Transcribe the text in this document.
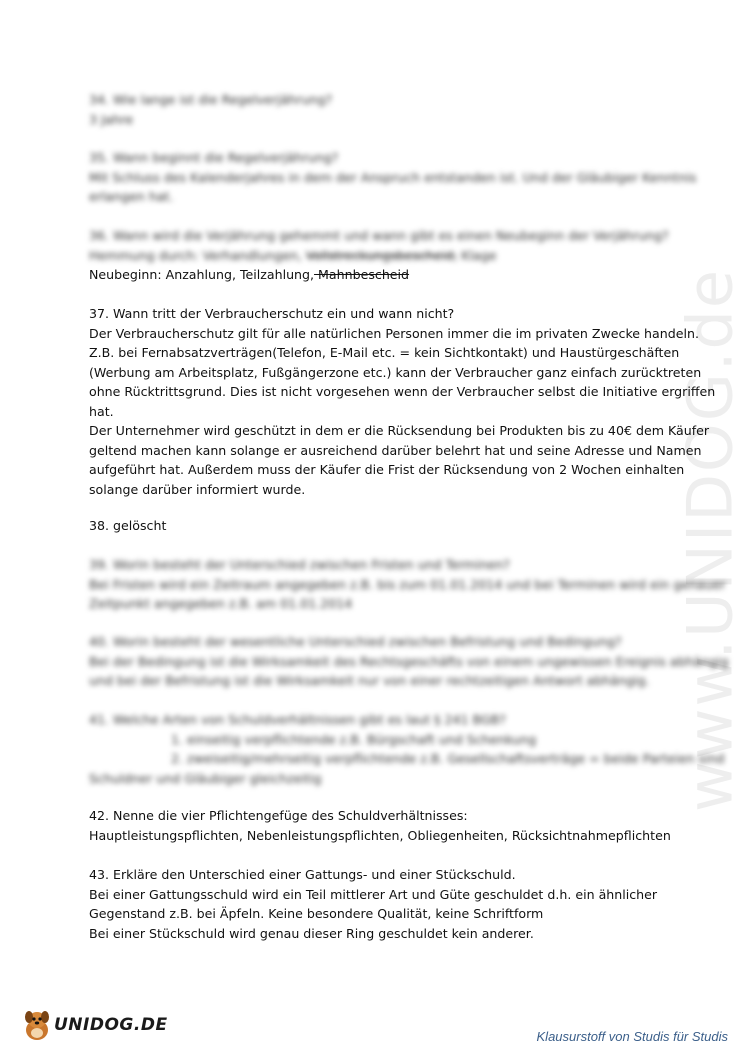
www.UNIDOG.de
34. Wie lange ist die Regelverjährung?
3 Jahre
35. Wann beginnt die Regelverjährung?
Mit Schluss des Kalenderjahres in dem der Anspruch entstanden ist. Und der Gläubiger Kenntnis
erlangen hat.
36. Wann wird die Verjährung gehemmt und wann gibt es einen Neubeginn der Verjährung?
Hemmung durch: Verhandlungen, Vollstreckungsbescheid, Klage
Neubeginn: Anzahlung, Teilzahlung, Mahnbescheid
37. Wann tritt der Verbraucherschutz ein und wann nicht?
Der Verbraucherschutz gilt für alle natürlichen Personen immer die im privaten Zwecke handeln.
Z.B. bei Fernabsatzverträgen(Telefon, E-Mail etc. = kein Sichtkontakt) und Haustürgeschäften
(Werbung am Arbeitsplatz, Fußgängerzone etc.) kann der Verbraucher ganz einfach zurücktreten
ohne Rücktrittsgrund. Dies ist nicht vorgesehen wenn der Verbraucher selbst die Initiative ergriffen
hat.
Der Unternehmer wird geschützt in dem er die Rücksendung bei Produkten bis zu 40€ dem Käufer
geltend machen kann solange er ausreichend darüber belehrt hat und seine Adresse und Namen
aufgeführt hat. Außerdem muss der Käufer die Frist der Rücksendung von 2 Wochen einhalten
solange darüber informiert wurde.
38. gelöscht
39. Worin besteht der Unterschied zwischen Fristen und Terminen?
Bei Fristen wird ein Zeitraum angegeben z.B. bis zum 01.01.2014 und bei Terminen wird ein genauer
Zeitpunkt angegeben z.B. am 01.01.2014
40. Worin besteht der wesentliche Unterschied zwischen Befristung und Bedingung?
Bei der Bedingung ist die Wirksamkeit des Rechtsgeschäfts von einem ungewissen Ereignis abhängig
und bei der Befristung ist die Wirksamkeit nur von einer rechtzeitigen Antwort abhängig.
41. Welche Arten von Schuldverhältnissen gibt es laut § 241 BGB?
1. einseitig verpflichtende z.B. Bürgschaft und Schenkung
2. zweiseitig/mehrseitig verpflichtende z.B. Gesellschaftsverträge = beide Parteien sind
Schuldner und Gläubiger gleichzeitig
42. Nenne die vier Pflichtengefüge des Schuldverhältnisses:
Hauptleistungspflichten, Nebenleistungspflichten, Obliegenheiten, Rücksichtnahmepflichten
43. Erkläre den Unterschied einer Gattungs- und einer Stückschuld.
Bei einer Gattungsschuld wird ein Teil mittlerer Art und Güte geschuldet d.h. ein ähnlicher
Gegenstand z.B. bei Äpfeln. Keine besondere Qualität, keine Schriftform
Bei einer Stückschuld wird genau dieser Ring geschuldet kein anderer.
UNIDOG.DE
Klausurstoff von Studis für Studis
